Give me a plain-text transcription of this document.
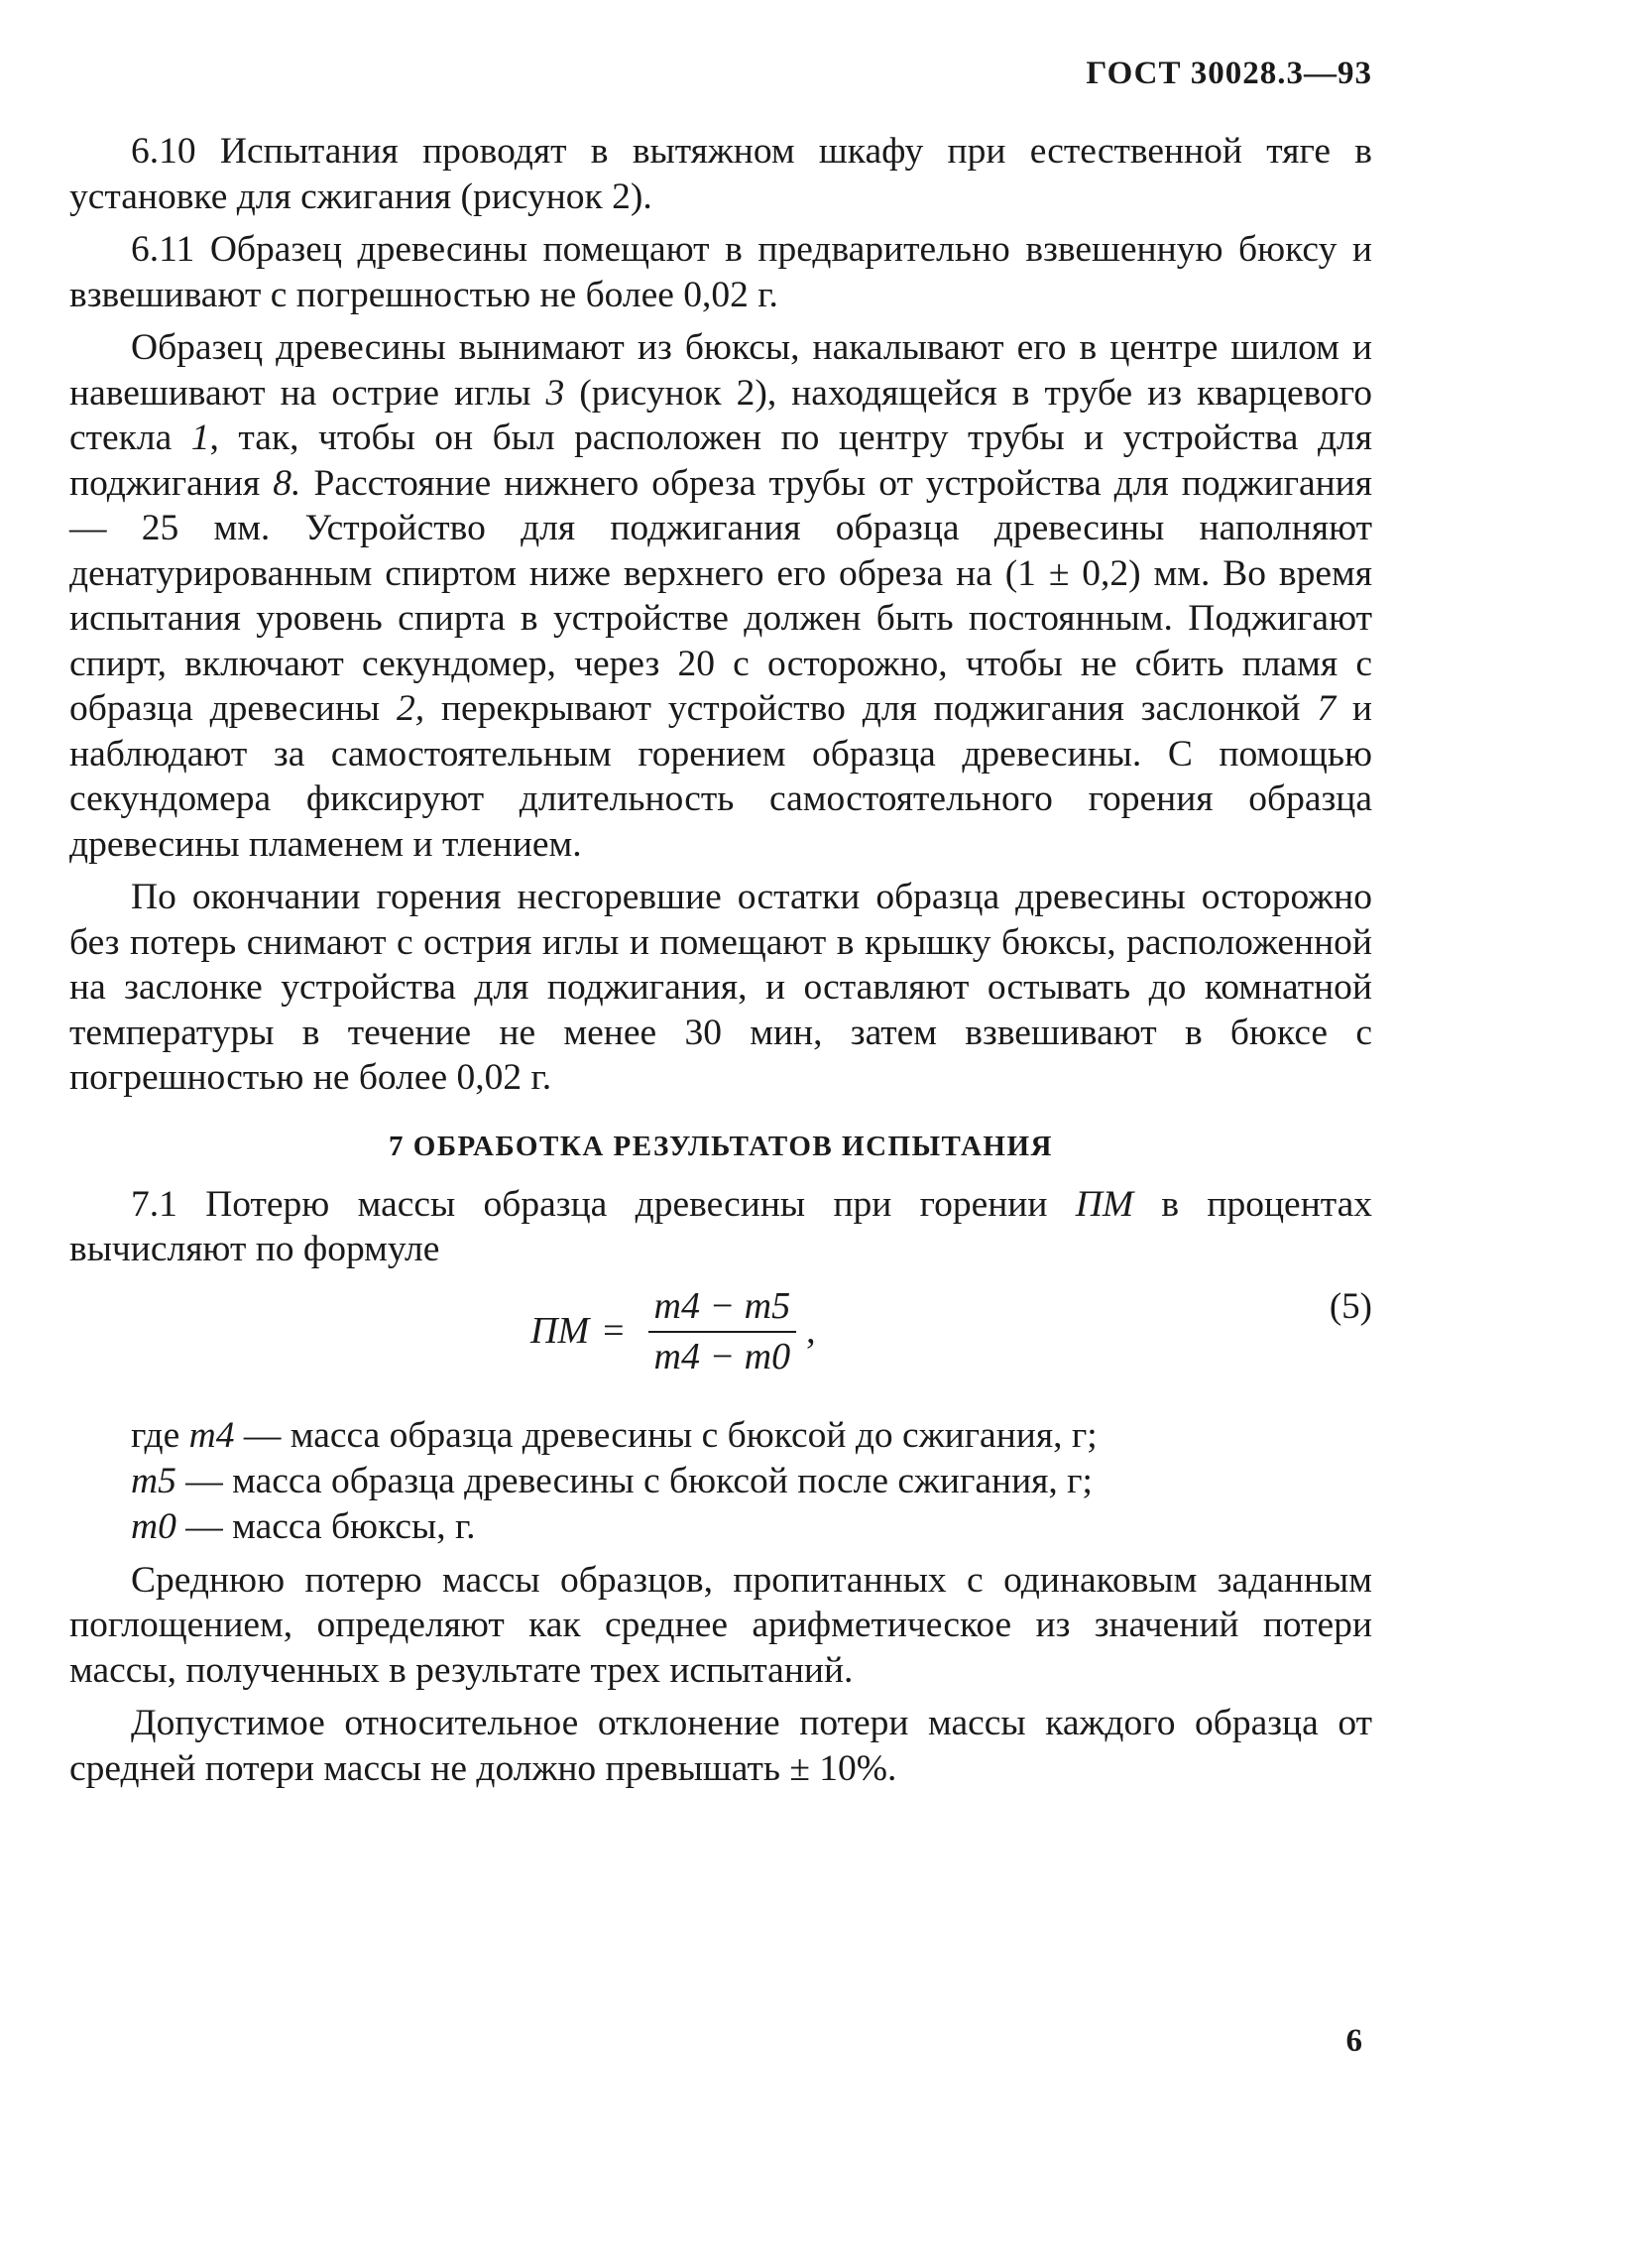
ГОСТ 30028.3—93

6.10 Испытания проводят в вытяжном шкафу при естественной тяге в установке для сжигания (рисунок 2).

6.11 Образец древесины помещают в предварительно взвешенную бюксу и взвешивают с погрешностью не более 0,02 г.

Образец древесины вынимают из бюксы, накалывают его в центре шилом и навешивают на острие иглы 3 (рисунок 2), находящейся в трубе из кварцевого стекла 1, так, чтобы он был расположен по центру трубы и устройства для поджигания 8. Расстояние нижнего обреза трубы от устройства для поджигания — 25 мм. Устройство для поджигания образца древесины наполняют денатурированным спиртом ниже верхнего его обреза на (1 ± 0,2) мм. Во время испытания уровень спирта в устройстве должен быть постоянным. Поджигают спирт, включают секундомер, через 20 с осторожно, чтобы не сбить пламя с образца древесины 2, перекрывают устройство для поджигания заслонкой 7 и наблюдают за самостоятельным горением образца древесины. С помощью секундомера фиксируют длительность самостоятельного горения образца древесины пламенем и тлением.

По окончании горения несгоревшие остатки образца древесины осторожно без потерь снимают с острия иглы и помещают в крышку бюксы, расположенной на заслонке устройства для поджигания, и оставляют остывать до комнатной температуры в течение не менее 30 мин, затем взвешивают в бюксе с погрешностью не более 0,02 г.

7 ОБРАБОТКА РЕЗУЛЬТАТОВ ИСПЫТАНИЯ

7.1 Потерю массы образца древесины при горении ПМ в процентах вычисляют по формуле

ПМ = $\frac{m4 - m5}{m4 - m0}$ ,
(5)
где m4 — масса образца древесины с бюксой до сжигания, г;
m5 — масса образца древесины с бюксой после сжигания, г;
m0 — масса бюксы, г.

Среднюю потерю массы образцов, пропитанных с одинаковым заданным поглощением, определяют как среднее арифметическое из значений потери массы, полученных в результате трех испытаний.

Допустимое относительное отклонение потери массы каждого образца от средней потери массы не должно превышать ± 10%.

6
